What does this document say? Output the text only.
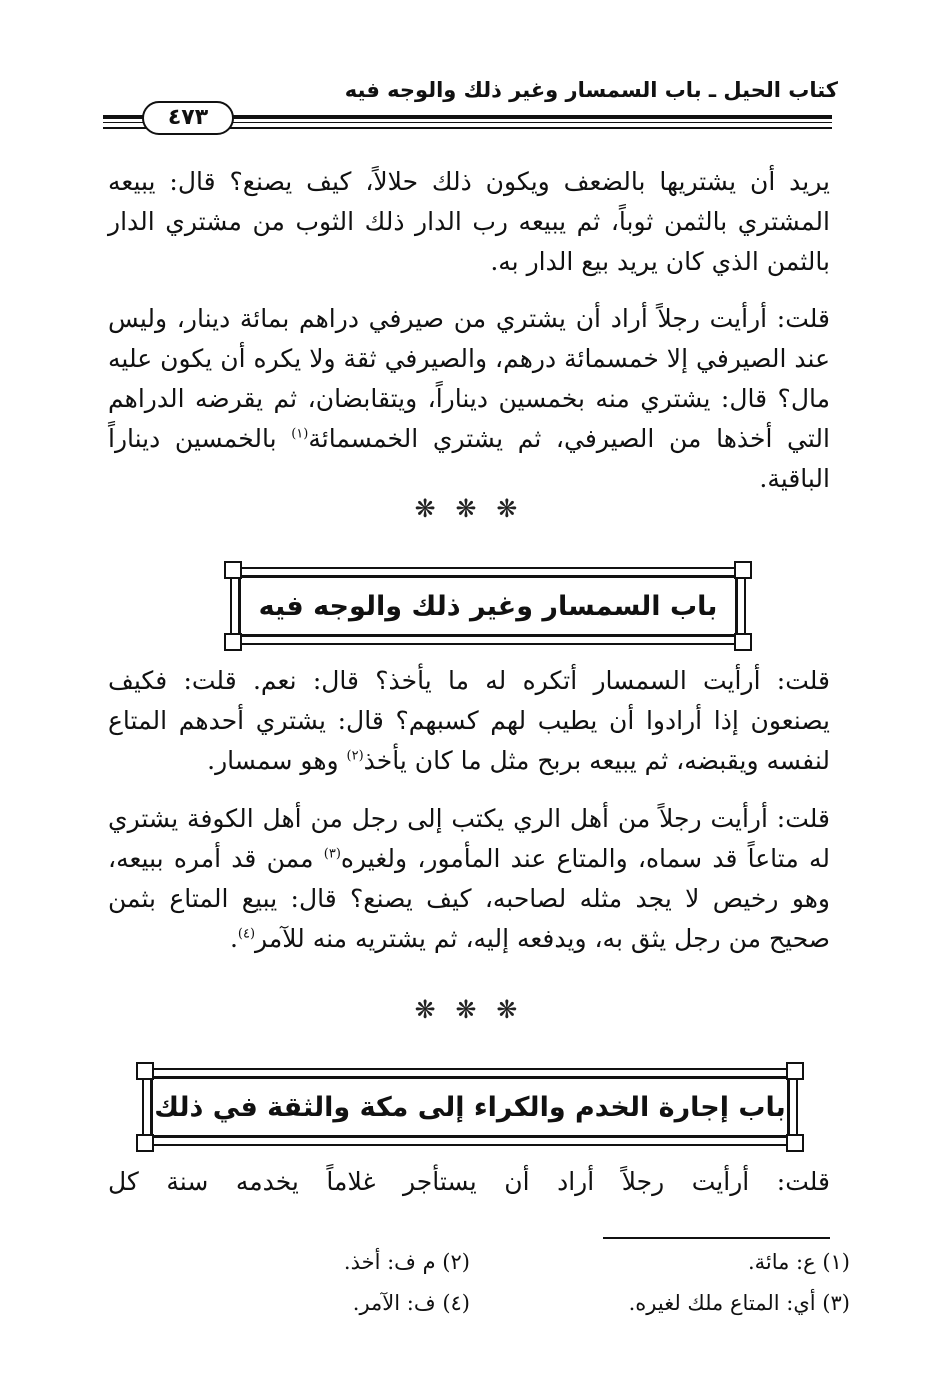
كتاب الحيل ـ باب السمسار وغير ذلك والوجه فيه
٤٧٣
يريد أن يشتريها بالضعف ويكون ذلك حلالاً، كيف يصنع؟ قال: يبيعه المشتري بالثمن ثوباً، ثم يبيعه رب الدار ذلك الثوب من مشتري الدار بالثمن الذي كان يريد بيع الدار به.
قلت: أرأيت رجلاً أراد أن يشتري من صيرفي دراهم بمائة دينار، وليس عند الصيرفي إلا خمسمائة درهم، والصيرفي ثقة ولا يكره أن يكون عليه مال؟ قال: يشتري منه بخمسين ديناراً، ويتقابضان، ثم يقرضه الدراهم التي أخذها من الصيرفي، ثم يشتري الخمسمائة$^{(١)}$ بالخمسين ديناراً الباقية.
❋ ❋ ❋
باب السمسار وغير ذلك والوجه فيه
قلت: أرأيت السمسار أتكره له ما يأخذ؟ قال: نعم. قلت: فكيف يصنعون إذا أرادوا أن يطيب لهم كسبهم؟ قال: يشتري أحدهم المتاع لنفسه ويقبضه، ثم يبيعه بربح مثل ما كان يأخذ$^{(٢)}$ وهو سمسار.
قلت: أرأيت رجلاً من أهل الري يكتب إلى رجل من أهل الكوفة يشتري له متاعاً قد سماه، والمتاع عند المأمور، ولغيره$^{(٣)}$ ممن قد أمره ببيعه، وهو رخيص لا يجد مثله لصاحبه، كيف يصنع؟ قال: يبيع المتاع بثمن صحيح من رجل يثق به، ويدفعه إليه، ثم يشتريه منه للآمر$^{(٤)}$.
❋ ❋ ❋
باب إجارة الخدم والكراء إلى مكة والثقة في ذلك
قلت: أرأيت رجلاً أراد أن يستأجر غلاماً يخدمه سنة كل
(١) ع: مائة.
(٢) م ف: أخذ.
(٣) أي: المتاع ملك لغيره.
(٤) ف: الآمر.
